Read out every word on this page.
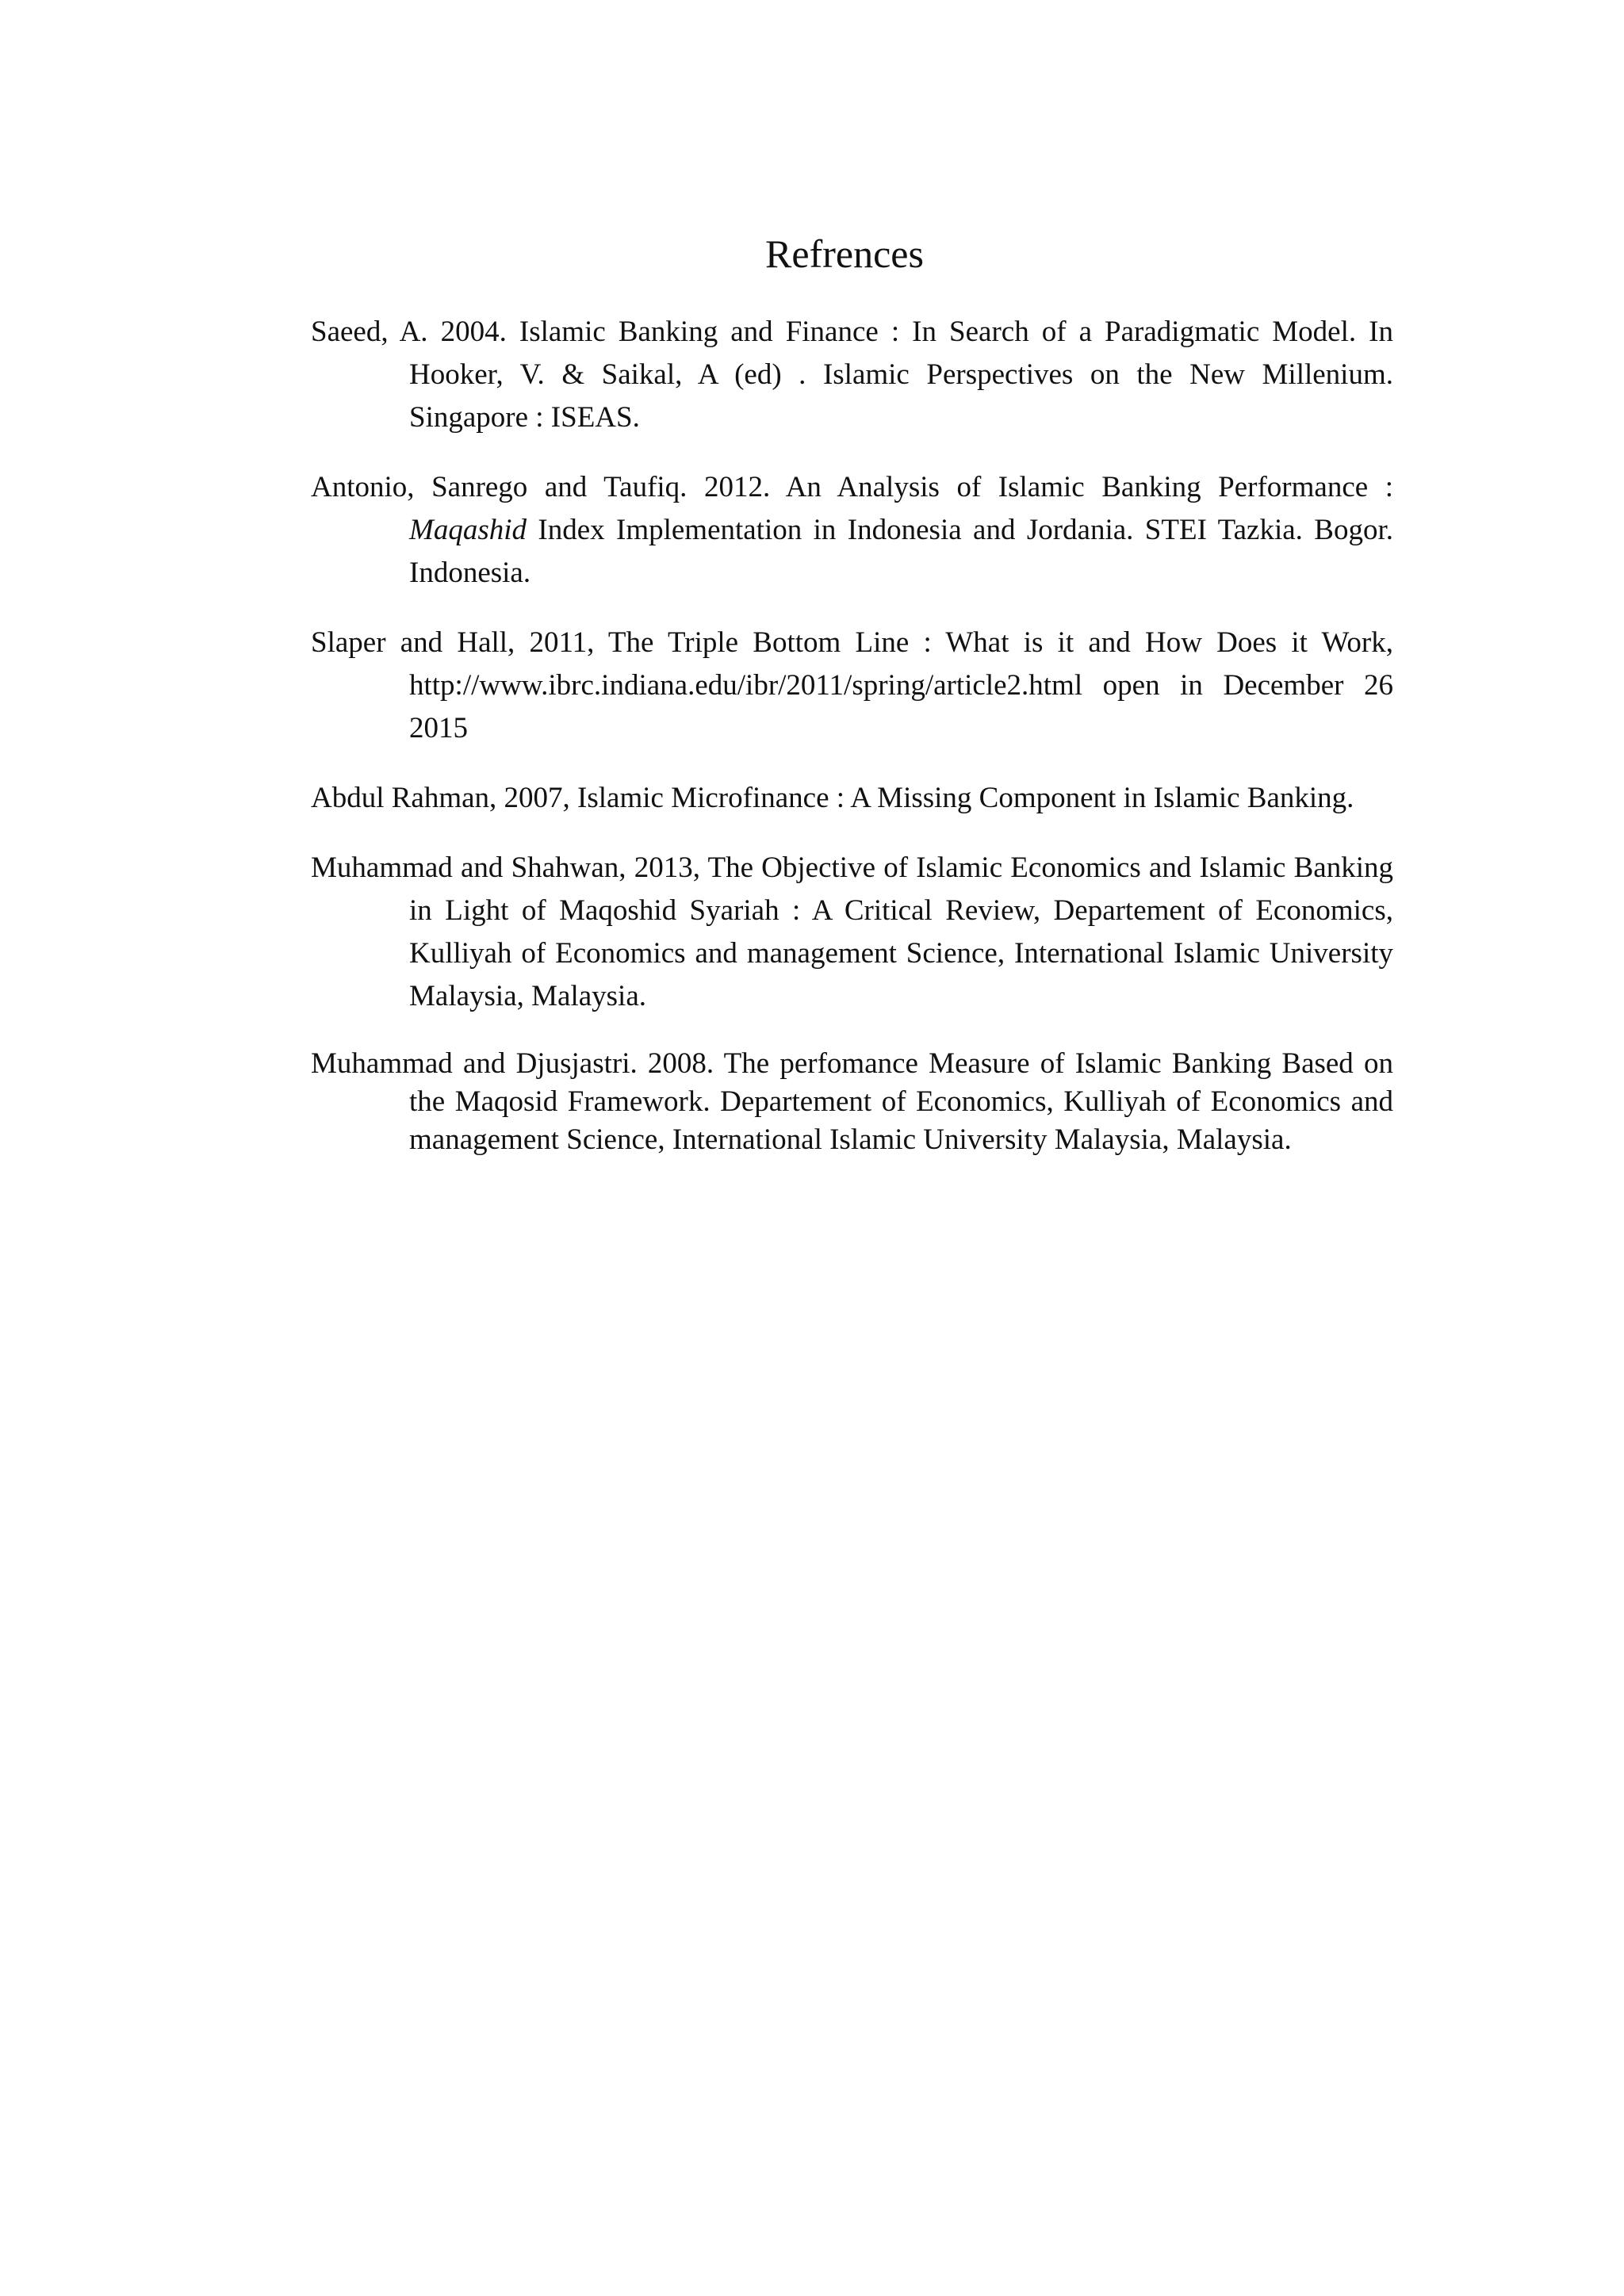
Refrences

Saeed, A. 2004. Islamic Banking and Finance : In Search of a Paradigmatic Model. In Hooker, V. & Saikal, A (ed) . Islamic Perspectives on the New Millenium. Singapore : ISEAS.

Antonio, Sanrego and Taufiq. 2012. An Analysis of Islamic Banking Performance : Maqashid Index Implementation in Indonesia and Jordania. STEI Tazkia. Bogor. Indonesia.

Slaper and Hall, 2011, The Triple Bottom Line : What is it and How Does it Work, http://www.ibrc.indiana.edu/ibr/2011/spring/article2.html open in December 26 2015

Abdul Rahman, 2007, Islamic Microfinance : A Missing Component in Islamic Banking.

Muhammad and Shahwan, 2013, The Objective of Islamic Economics and Islamic Banking in Light of Maqoshid Syariah : A Critical Review, Departement of Economics, Kulliyah of Economics and management Science, International Islamic University Malaysia, Malaysia.

Muhammad and Djusjastri. 2008. The perfomance Measure of Islamic Banking Based on the Maqosid Framework. Departement of Economics, Kulliyah of Economics and management Science, International Islamic University Malaysia, Malaysia.
